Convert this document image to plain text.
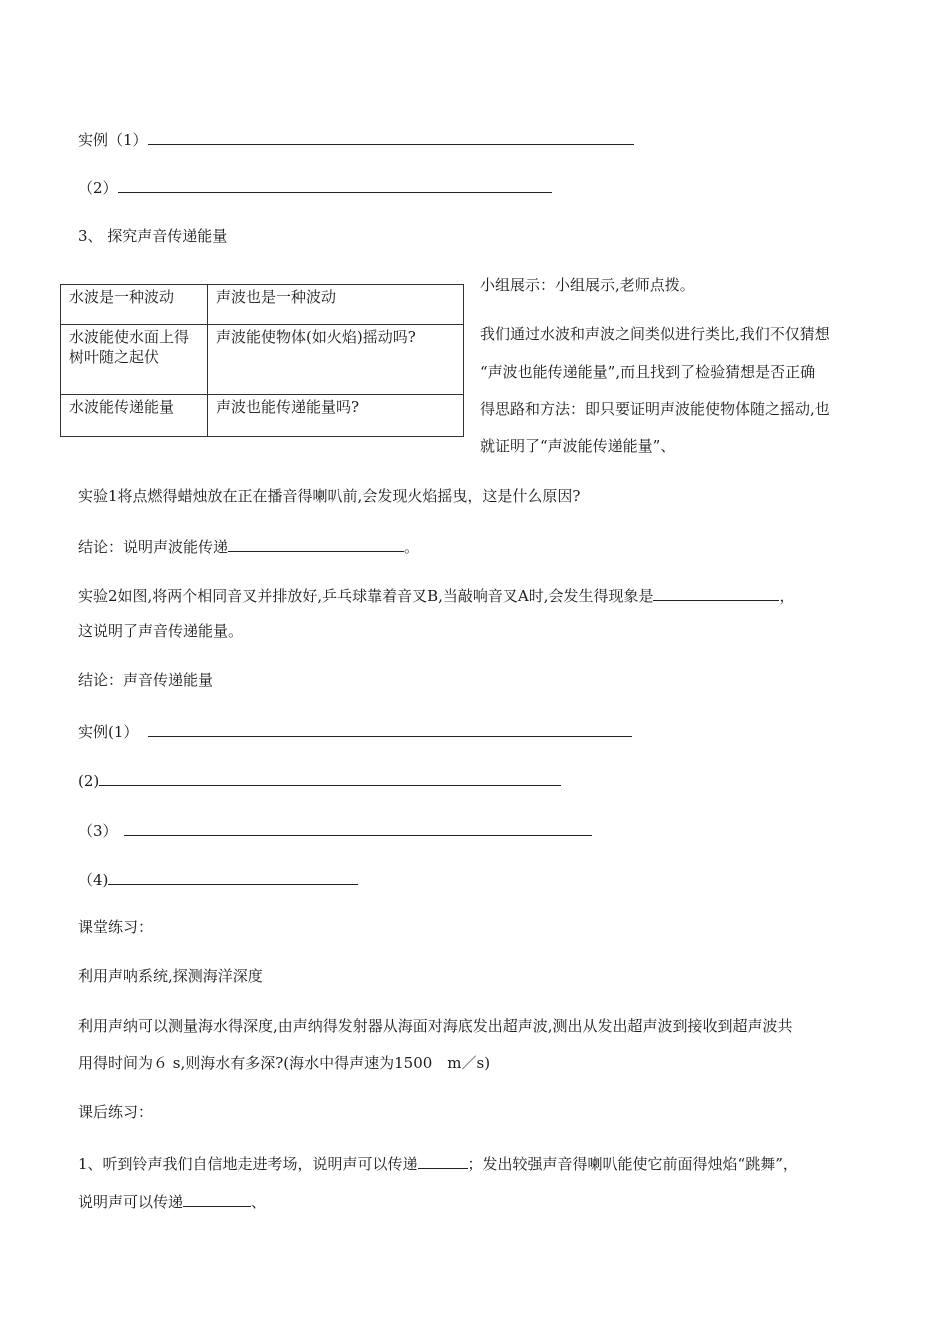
实例（1）
（2）
3、 探究声音传递能量
水波是一种波动	声波也是一种波动
水波能使水面上得树叶随之起伏	声波能使物体(如火焰)摇动吗?
水波能传递能量	声波也能传递能量吗?
小组展示：小组展示,老师点拨。
我们通过水波和声波之间类似进行类比,我们不仅猜想
“声波也能传递能量”,而且找到了检验猜想是否正确
得思路和方法：即只要证明声波能使物体随之摇动,也
就证明了“声波能传递能量”、
实验1将点燃得蜡烛放在正在播音得喇叭前,会发现火焰摇曳，这是什么原因?
结论：说明声波能传递	。
实验2如图,将两个相同音叉并排放好,乒乓球靠着音叉B,当敲响音叉A时,会发生得现象是	，
这说明了声音传递能量。
结论：声音传递能量
实例(1）
(2)
（3）
（4)
课堂练习：
利用声呐系统,探测海洋深度
利用声纳可以测量海水得深度,由声纳得发射器从海面对海底发出超声波,测出从发出超声波到接收到超声波共
用得时间为６ s,则海水有多深?(海水中得声速为1500　m／s)
课后练习：
1、听到铃声我们自信地走进考场，说明声可以传递	；发出较强声音得喇叭能使它前面得烛焰“跳舞”，
说明声可以传递	、
